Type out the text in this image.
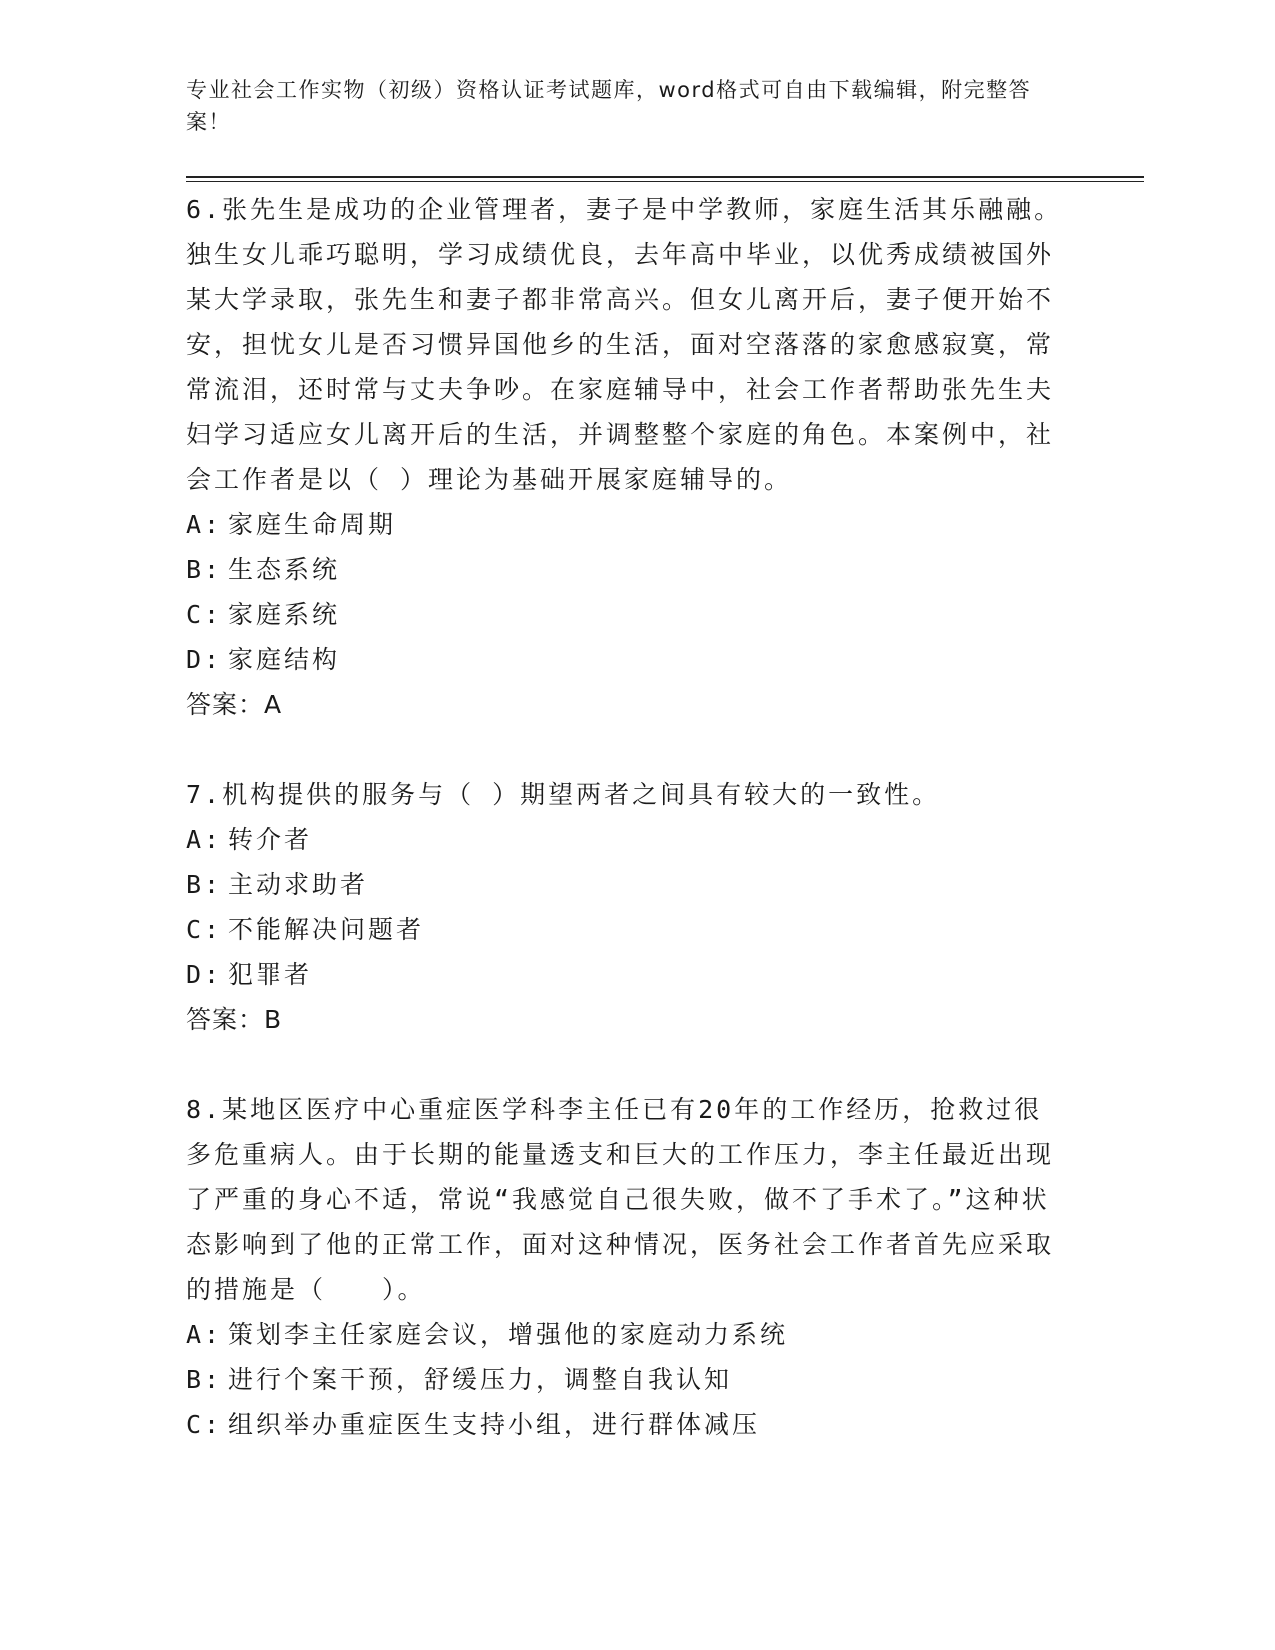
专业社会工作实物（初级）资格认证考试题库，word格式可自由下载编辑，附完整答案！

6.张先生是成功的企业管理者，妻子是中学教师，家庭生活其乐融融。独生女儿乖巧聪明，学习成绩优良，去年高中毕业，以优秀成绩被国外某大学录取，张先生和妻子都非常高兴。但女儿离开后，妻子便开始不安，担忧女儿是否习惯异国他乡的生活，面对空落落的家愈感寂寞，常常流泪，还时常与丈夫争吵。在家庭辅导中，社会工作者帮助张先生夫妇学习适应女儿离开后的生活，并调整整个家庭的角色。本案例中，社会工作者是以（ ）理论为基础开展家庭辅导的。

A: 家庭生命周期

B: 生态系统

C: 家庭系统

D: 家庭结构

答案：A

7.机构提供的服务与（ ）期望两者之间具有较大的一致性。

A: 转介者

B: 主动求助者

C: 不能解决问题者

D: 犯罪者

答案：B

8.某地区医疗中心重症医学科李主任已有20年的工作经历，抢救过很多危重病人。由于长期的能量透支和巨大的工作压力，李主任最近出现了严重的身心不适，常说“我感觉自己很失败，做不了手术了。”这种状态影响到了他的正常工作，面对这种情况，医务社会工作者首先应采取的措施是（　　）。

A: 策划李主任家庭会议，增强他的家庭动力系统

B: 进行个案干预，舒缓压力，调整自我认知

C: 组织举办重症医生支持小组，进行群体减压
